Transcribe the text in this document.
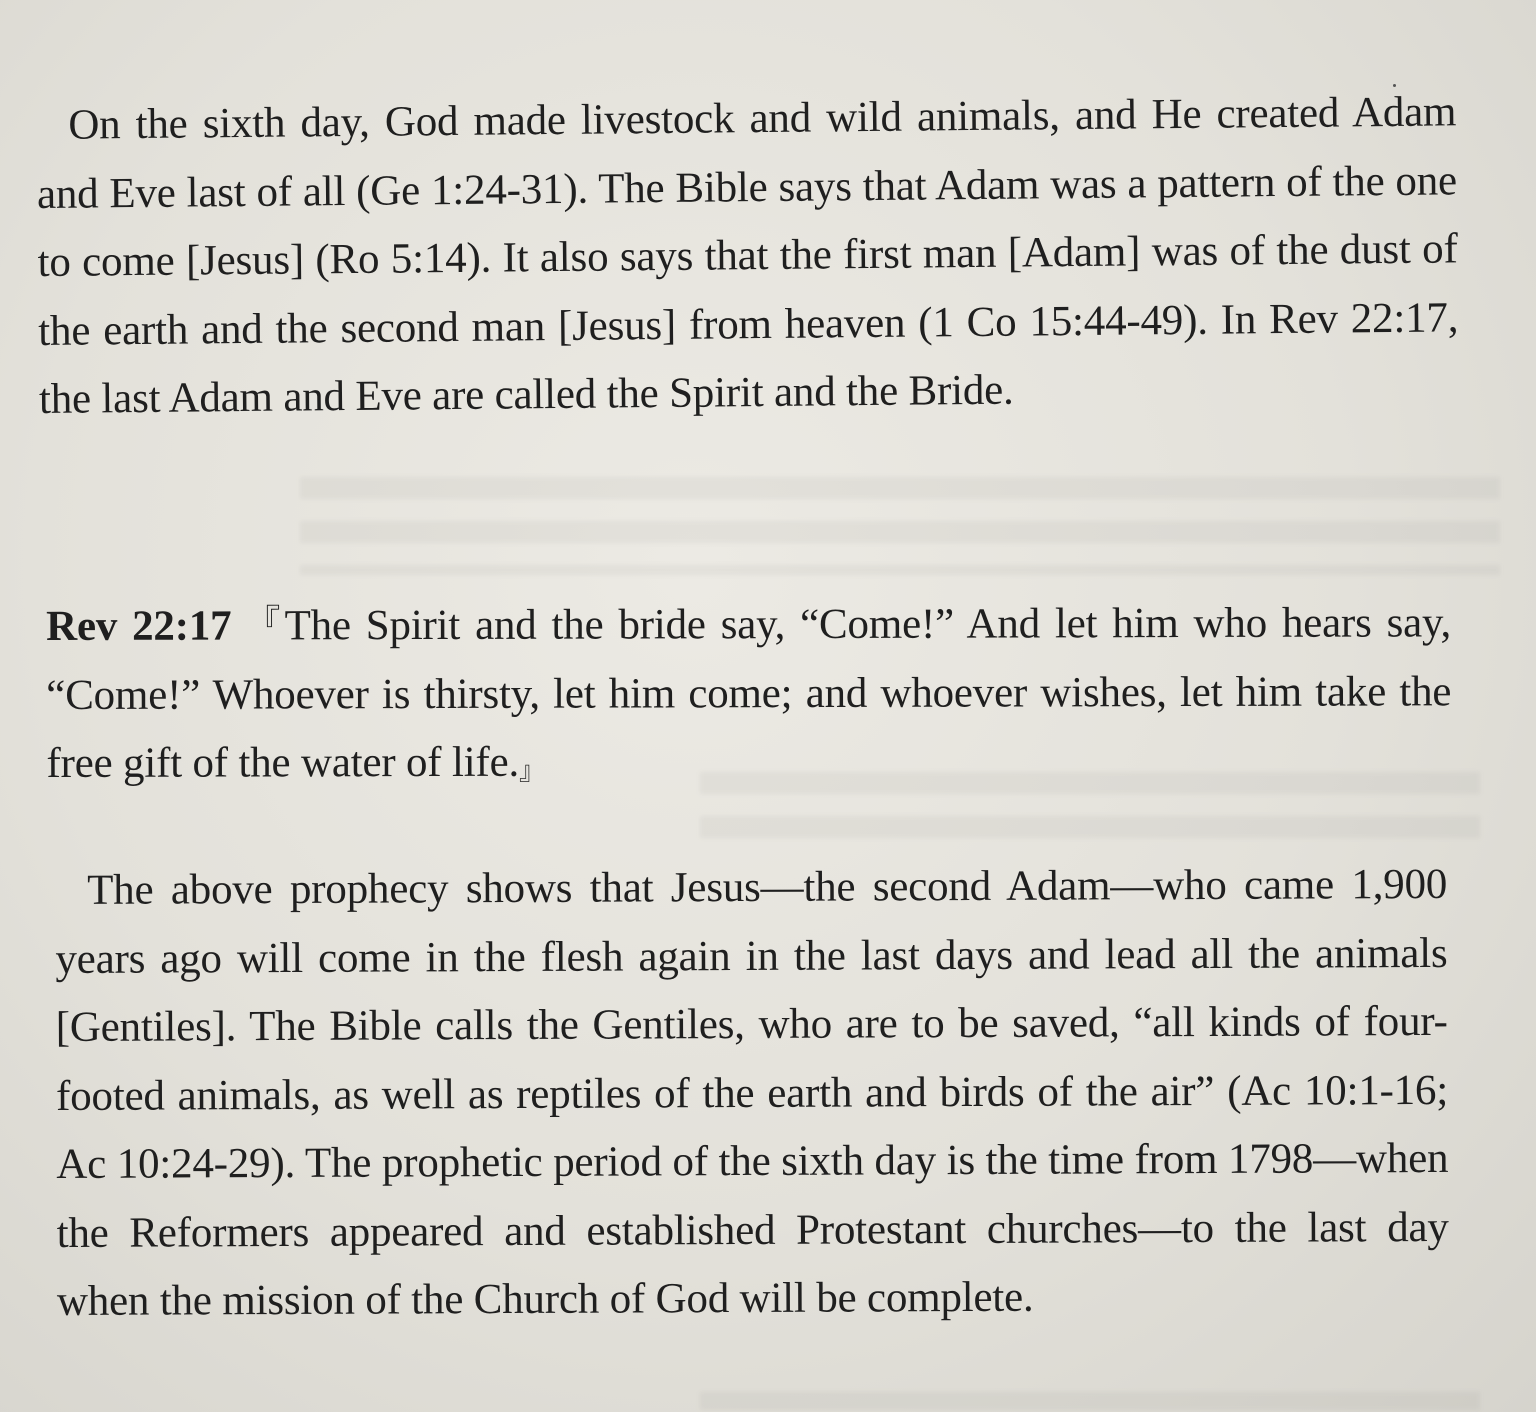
On the sixth day, God made livestock and wild animals, and He created Adam and Eve last of all (Ge 1:24-31). The Bible says that Adam was a pattern of the one to come [Jesus] (Ro 5:14). It also says that the first man [Adam] was of the dust of the earth and the second man [Jesus] from heaven (1 Co 15:44-49). In Rev 22:17, the last Adam and Eve are called the Spirit and the Bride.

Rev 22:17 『The Spirit and the bride say, “Come!” And let him who hears say, “Come!” Whoever is thirsty, let him come; and whoever wishes, let him take the free gift of the water of life.』

The above prophecy shows that Jesus—the second Adam—who came 1,900 years ago will come in the flesh again in the last days and lead all the animals [Gentiles]. The Bible calls the Gentiles, who are to be saved, “all kinds of four-footed animals, as well as reptiles of the earth and birds of the air” (Ac 10:1-16; Ac 10:24-29). The prophetic period of the sixth day is the time from 1798—when the Reformers appeared and established Protestant churches—to the last day when the mission of the Church of God will be complete.
